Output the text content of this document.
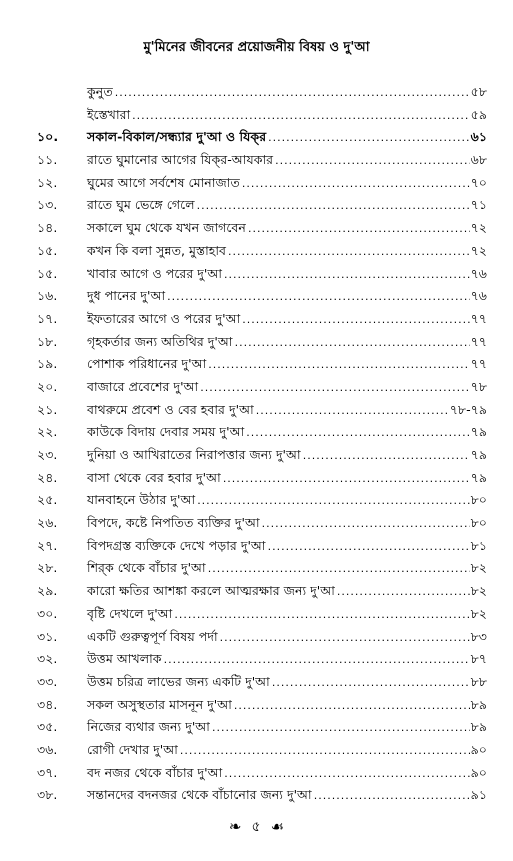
মু'মিনের জীবনের প্রয়োজনীয় বিষয় ও দু'আ
কুনুত .....	৫৮
ইস্তেখারা .....	৫৯
১০.	সকাল-বিকাল/সন্ধ্যার দু'আ ও যিক্‌র .....	৬১
১১.	রাতে ঘুমানোর আগের যিক্‌র-আযকার .....	৬৮
১২.	ঘুমের আগে সর্বশেষ মোনাজাত .....	৭০
১৩.	রাতে ঘুম ভেঙ্গে গেলে .....	৭১
১৪.	সকালে ঘুম থেকে যখন জাগবেন .....	৭২
১৫.	কখন কি বলা সুন্নত, মুস্তাহাব .....	৭২
১৫.	খাবার আগে ও পরের দু'আ .....	৭৬
১৬.	দুধ পানের দু'আ .....	৭৬
১৭.	ইফতারের আগে ও পরের দু'আ .....	৭৭
১৮.	গৃহকর্তার জন্য অতিথির দু'আ .....	৭৭
১৯.	পোশাক পরিধানের দু'আ .....	৭৭
২০.	বাজারে প্রবেশের দু'আ .....	৭৮
২১.	বাথরুমে প্রবেশ ও বের হবার দু'আ .....	৭৮-৭৯
২২.	কাউকে বিদায় দেবার সময় দু'আ .....	৭৯
২৩.	দুনিয়া ও আখিরাতের নিরাপত্তার জন্য দু'আ .....	৭৯
২৪.	বাসা থেকে বের হবার দু'আ .....	৭৯
২৫.	যানবাহনে উঠার দু'আ .....	৮০
২৬.	বিপদে, কষ্টে নিপতিত ব্যক্তির দু'আ .....	৮০
২৭.	বিপদগ্রস্ত ব্যক্তিকে দেখে পড়ার দু'আ .....	৮১
২৮.	শির্‌ক থেকে বাঁচার দু'আ .....	৮২
২৯.	কারো ক্ষতির আশঙ্কা করলে আত্মরক্ষার জন্য দু'আ .....	৮২
৩০.	বৃষ্টি দেখলে দু'আ .....	৮২
৩১.	একটি গুরুত্বপূর্ণ বিষয় পর্দা .....	৮৩
৩২.	উত্তম আখলাক .....	৮৭
৩৩.	উত্তম চরিত্র লাভের জন্য একটি দু'আ .....	৮৮
৩৪.	সকল অসুস্থতার মাসনূন দু'আ .....	৮৯
৩৫.	নিজের ব্যথার জন্য দু'আ .....	৮৯
৩৬.	রোগী দেখার দু'আ .....	৯০
৩৭.	বদ নজর থেকে বাঁচার দু'আ .....	৯০
৩৮.	সন্তানদের বদনজর থেকে বাঁচানোর জন্য দু'আ .....	৯১
❧ ৫ ☙
